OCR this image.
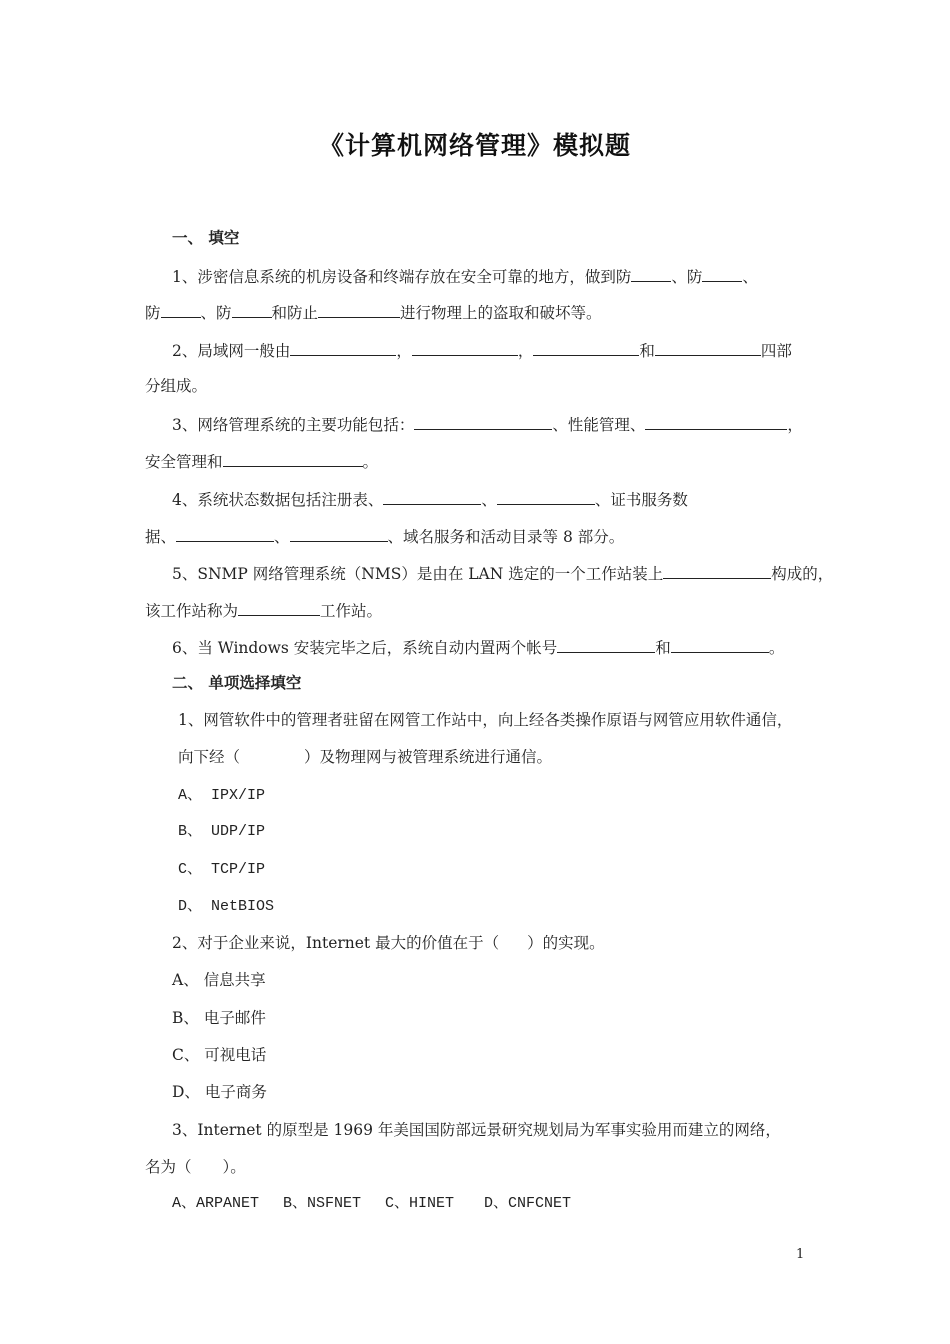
《计算机网络管理》模拟题
一、 填空
1、涉密信息系统的机房设备和终端存放在安全可靠的地方，做到防	、防	、
防	、防	和防止	进行物理上的盗取和破坏等。
2、局域网一般由	，	，	和	四部
分组成。
3、网络管理系统的主要功能包括：	、性能管理、	，
安全管理和	。
4、系统状态数据包括注册表、	、	、证书服务数
据、	、	、域名服务和活动目录等 8 部分。
5、SNMP 网络管理系统（NMS）是由在 LAN 选定的一个工作站装上	构成的，
该工作站称为	工作站。
6、当 Windows 安装完毕之后，系统自动内置两个帐号	和	。
二、 单项选择填空
1、网管软件中的管理者驻留在网管工作站中，向上经各类操作原语与网管应用软件通信，
向下经（	）及物理网与被管理系统进行通信。
A、 IPX/IP
B、 UDP/IP
C、 TCP/IP
D、 NetBIOS
2、对于企业来说，Internet 最大的价值在于（ ）的实现。
A、 信息共享
B、 电子邮件
C、 可视电话
D、 电子商务
3、Internet 的原型是 1969 年美国国防部远景研究规划局为军事实验用而建立的网络，
名为（　　）。
A、ARPANET B、NSFNET C、HINET D、CNFCNET
1
